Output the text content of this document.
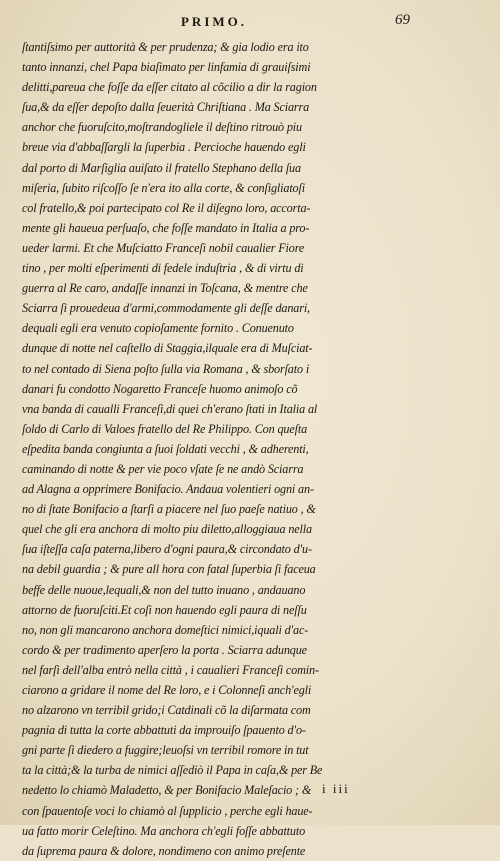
PRIMO.	69
ſtantiſsimo per auttorità & per prudenza; & gia lodio era ito
tanto innanzi, chel Papa biaſimato per linfamia di grauiſsimi
delitti,pareua che foſſe da eſſer citato al cõcilio a dir la ragion
ſua,& da eſſer depoſto dalla ſeuerità Chriſtiana . Ma Sciarra
anchor che fuoruſcito,moſtrandogliele il deſtino ritrouò piu
breue via d'abbaſſargli la ſuperbia . Percioche hauendo egli
dal porto di Marſiglia auiſato il fratello Stephano della ſua
miſeria, ſubito riſcoſſo ſe n'era ito alla corte, & conſigliatoſi
col fratello,& poi partecipato col Re il diſegno loro, accorta-
mente gli haueua perſuaſo, che foſſe mandato in Italia a pro-
ueder larmi. Et che Muſciatto Franceſi nobil caualier Fiore
tino , per molti eſperimenti di fedele induſtria , & di virtu di
guerra al Re caro, andaſſe innanzi in Toſcana, & mentre che
Sciarra ſi prouedeua d'armi,commodamente gli deſſe danari,
dequali egli era venuto copioſamente fornito . Conuenuto
dunque di notte nel caſtello di Staggia,ilquale era di Muſciat-
to nel contado di Siena poſto ſulla via Romana , & sborſato i
danari fu condotto Nogaretto Franceſe huomo animoſo cõ
vna banda di caualli Franceſi,di quei ch'erano ſtati in Italia al
ſoldo di Carlo di Valoes fratello del Re Philippo. Con queſta
eſpedita banda congiunta a ſuoi ſoldati vecchi , & adherenti,
caminando di notte & per vie poco vſate ſe ne andò Sciarra
ad Alagna a opprimere Bonifacio. Andaua volentieri ogni an-
no di ſtate Bonifacio a ſtarſi a piacere nel ſuo paeſe natiuo , &
quel che gli era anchora di molto piu diletto,alloggiaua nella
ſua iſteſſa caſa paterna,libero d'ogni paura,& circondato d'u-
na debil guardia ; & pure all hora con fatal ſuperbia ſi faceua
beffe delle nuoue,lequali,& non del tutto inuano , andauano
attorno de fuoruſciti.Et coſi non hauendo egli paura di neſſu
no, non gli mancarono anchora domeſtici nimici,iquali d'ac-
cordo & per tradimento aperſero la porta . Sciarra adunque
nel farſi dell'alba entrò nella città , i caualieri Franceſi comin-
ciarono a gridare il nome del Re loro, e i Colonneſi anch'egli
no alzarono vn terribil grido;i Catdinali cõ la diſarmata com
pagnia di tutta la corte abbattuti da improuiſo ſpauento d'o-
gni parte ſi diedero a fuggire;leuoſsi vn terribil romore in tut
ta la città;& la turba de nimici aſſediò il Papa in caſa,& per Be
nedetto lo chiamò Maladetto, & per Bonifacio Maleſacio ; &
con ſpauentoſe voci lo chiamò al ſupplicio , perche egli haue-
ua fatto morir Celeſtino. Ma anchora ch'egli foſſe abbattuto
da ſuprema paura & dolore, nondimeno con animo preſente
i iii
